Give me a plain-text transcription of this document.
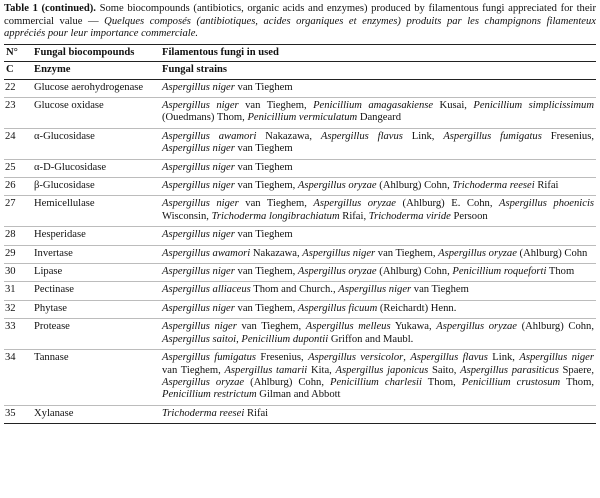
Table 1 (continued). Some biocompounds (antibiotics, organic acids and enzymes) produced by filamentous fungi appreciated for their commercial value — Quelques composés (antibiotiques, acides organiques et enzymes) produits par les champignons filamenteux appréciés pour leur importance commerciale.

N°	Fungal biocompounds	Filamentous fungi in used
C	Enzyme	Fungal strains
22	Glucose aerohydrogenase	Aspergillus niger van Tieghem
23	Glucose oxidase	Aspergillus niger van Tieghem, Penicillium amagasakiense Kusai, Penicillium simplicissimum (Ouedmans) Thom, Penicillium vermiculatum Dangeard
24	α-Glucosidase	Aspergillus awamori Nakazawa, Aspergillus flavus Link, Aspergillus fumigatus Fresenius, Aspergillus niger van Tieghem
25	α-D-Glucosidase	Aspergillus niger van Tieghem
26	β-Glucosidase	Aspergillus niger van Tieghem, Aspergillus oryzae (Ahlburg) Cohn, Trichoderma reesei Rifai
27	Hemicellulase	Aspergillus niger van Tieghem, Aspergillus oryzae (Ahlburg) E. Cohn, Aspergillus phoenicis Wisconsin, Trichoderma longibrachiatum Rifai, Trichoderma viride Persoon
28	Hesperidase	Aspergillus niger van Tieghem
29	Invertase	Aspergillus awamori Nakazawa, Aspergillus niger van Tieghem, Aspergillus oryzae (Ahlburg) Cohn
30	Lipase	Aspergillus niger van Tieghem, Aspergillus oryzae (Ahlburg) Cohn, Penicillium roqueforti Thom
31	Pectinase	Aspergillus alliaceus Thom and Church., Aspergillus niger van Tieghem
32	Phytase	Aspergillus niger van Tieghem, Aspergillus ficuum (Reichardt) Henn.
33	Protease	Aspergillus niger van Tieghem, Aspergillus melleus Yukawa, Aspergillus oryzae (Ahlburg) Cohn, Aspergillus saitoi, Penicillium dupontii Griffon and Maubl.
34	Tannase	Aspergillus fumigatus Fresenius, Aspergillus versicolor, Aspergillus flavus Link, Aspergillus niger van Tieghem, Aspergillus tamarii Kita, Aspergillus japonicus Saito, Aspergillus parasiticus Spaere, Aspergillus oryzae (Ahlburg) Cohn, Penicillium charlesii Thom, Penicillium crustosum Thom, Penicillium restrictum Gilman and Abbott
35	Xylanase	Trichoderma reesei Rifai
